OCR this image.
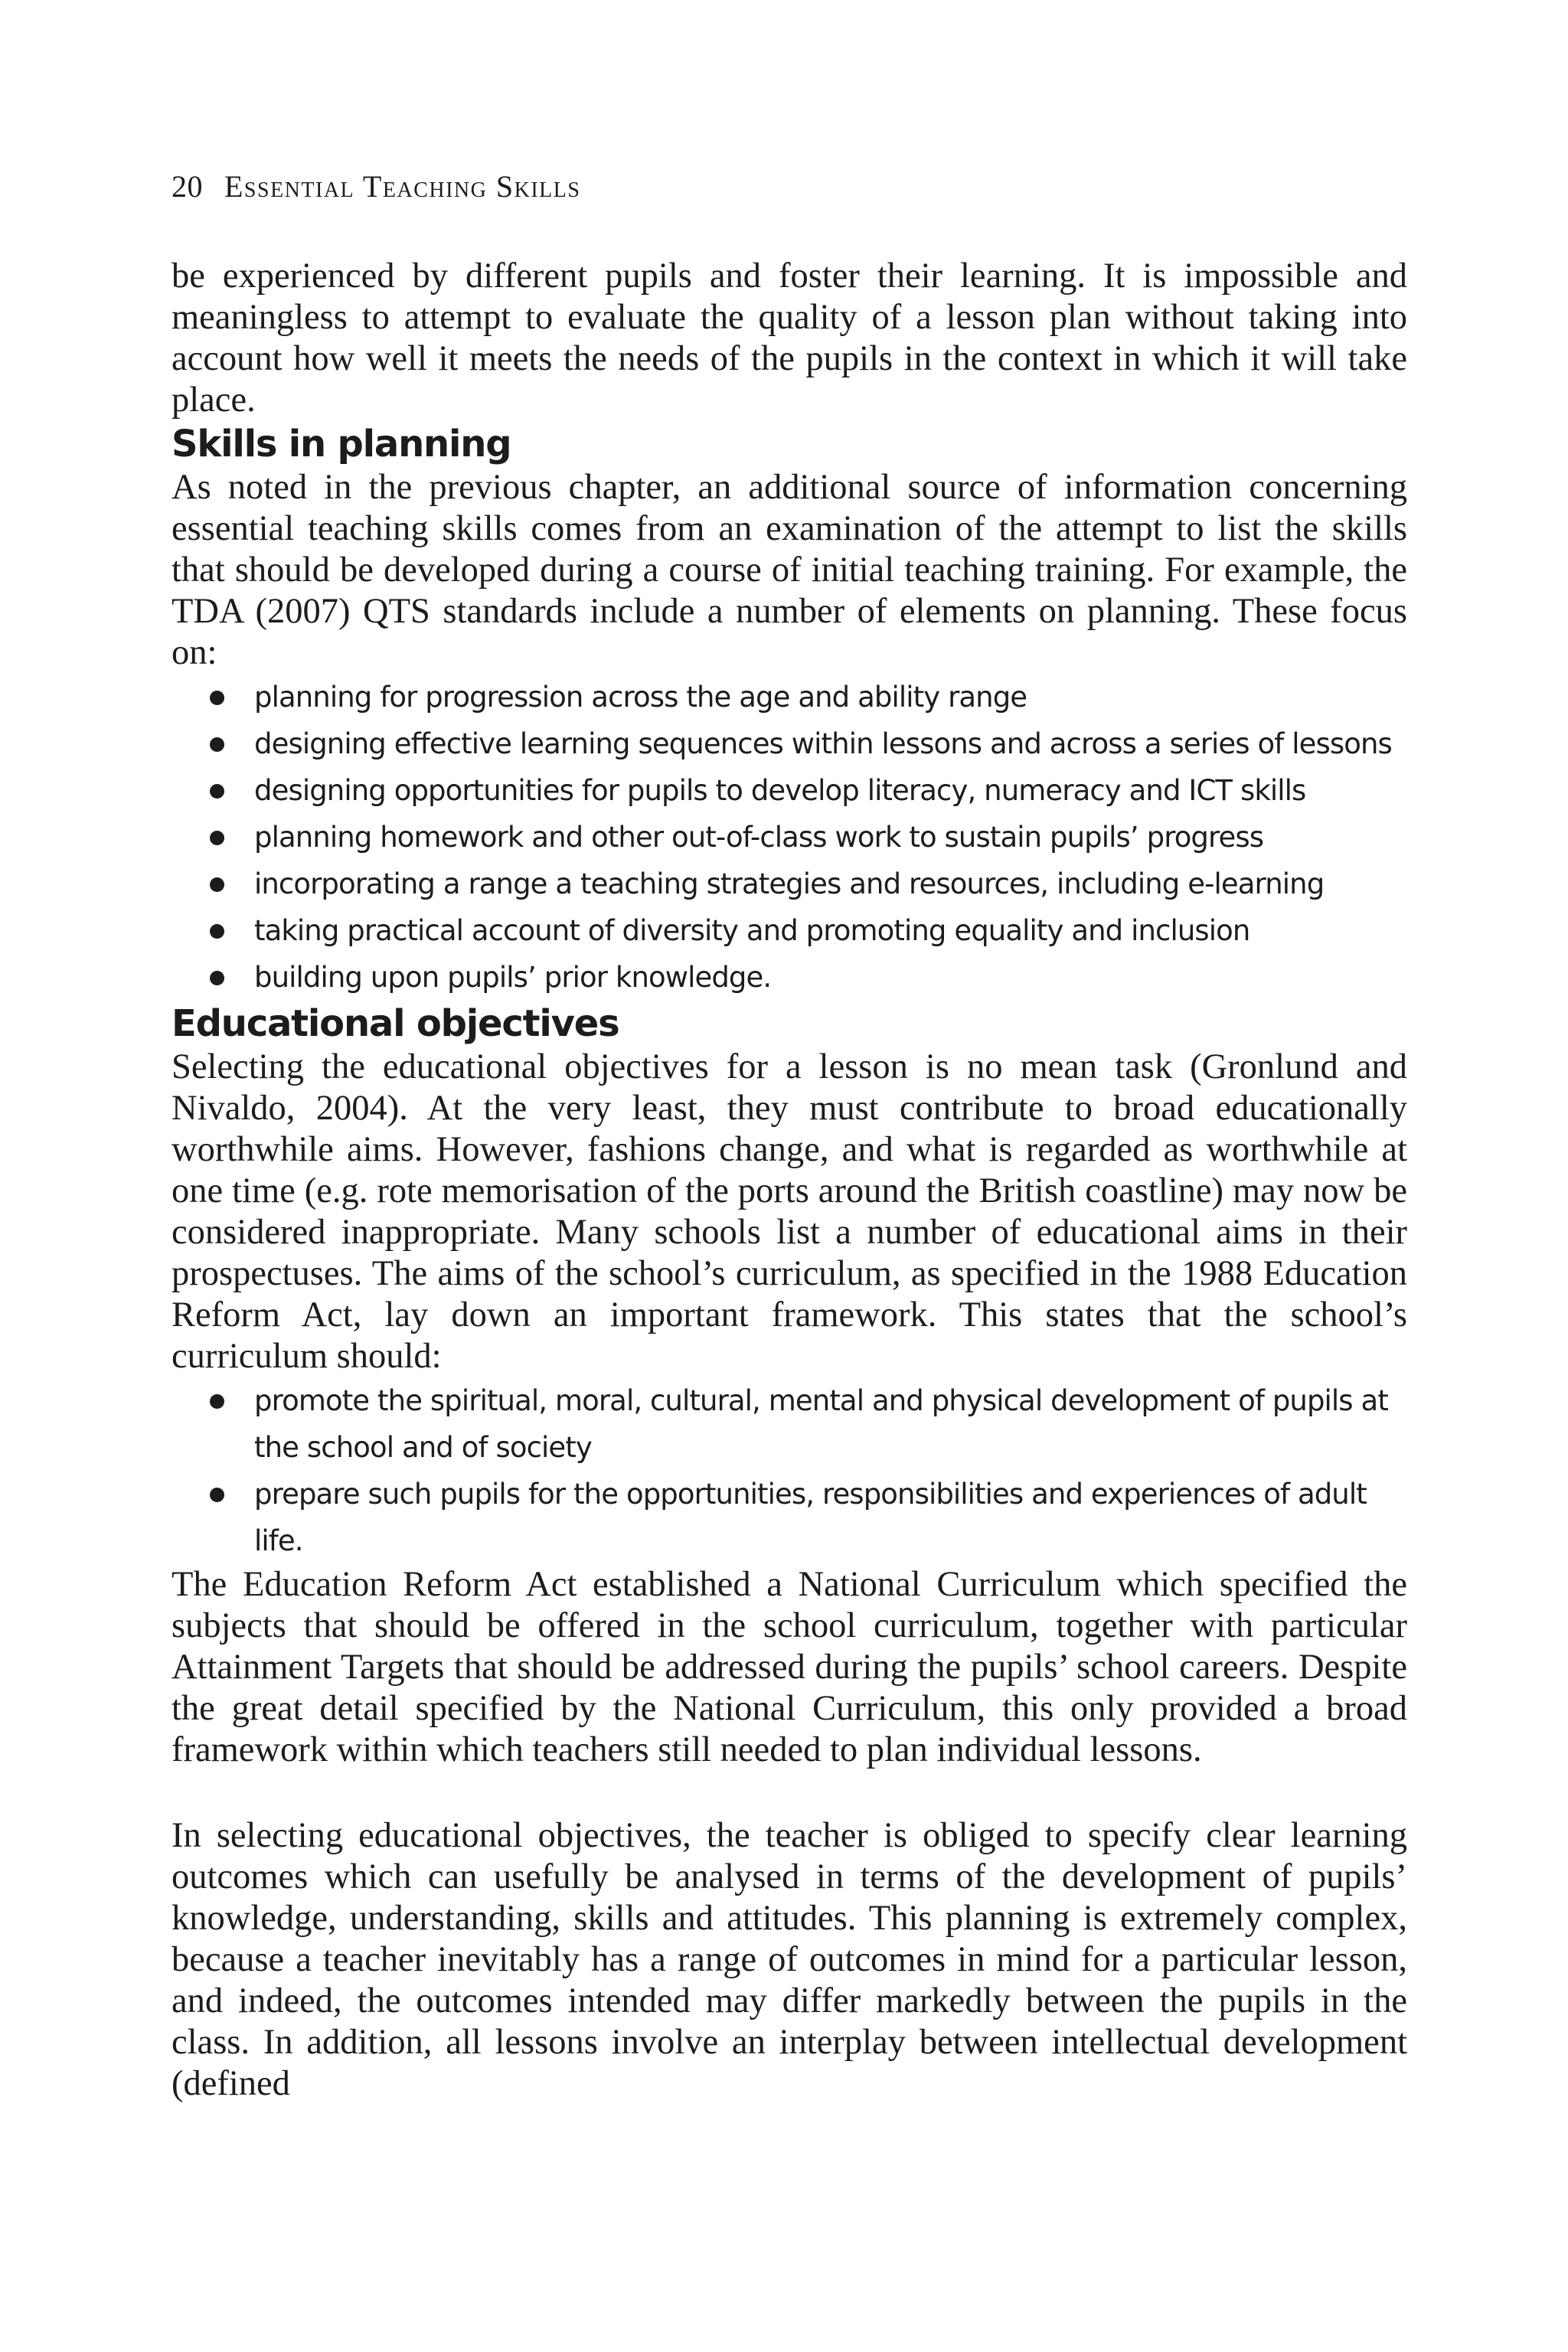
20 Essential Teaching Skills

be experienced by different pupils and foster their learning. It is impossible and meaningless to attempt to evaluate the quality of a lesson plan without taking into account how well it meets the needs of the pupils in the context in which it will take place.

Skills in planning

As noted in the previous chapter, an additional source of information concerning essential teaching skills comes from an examination of the attempt to list the skills that should be developed during a course of initial teaching training. For example, the TDA (2007) QTS standards include a number of elements on planning. These focus on:

planning for progression across the age and ability range
designing effective learning sequences within lessons and across a series of lessons
designing opportunities for pupils to develop literacy, numeracy and ICT skills
planning homework and other out-of-class work to sustain pupils’ progress
incorporating a range a teaching strategies and resources, including e-learning
taking practical account of diversity and promoting equality and inclusion
building upon pupils’ prior knowledge.
Educational objectives

Selecting the educational objectives for a lesson is no mean task (Gronlund and Nivaldo, 2004). At the very least, they must contribute to broad educationally worthwhile aims. However, fashions change, and what is regarded as worthwhile at one time (e.g. rote memorisation of the ports around the British coastline) may now be considered inappropriate. Many schools list a number of educational aims in their prospectuses. The aims of the school’s curriculum, as specified in the 1988 Education Reform Act, lay down an important framework. This states that the school’s curriculum should:

promote the spiritual, moral, cultural, mental and physical development of pupils at the school and of society
prepare such pupils for the opportunities, responsibilities and experiences of adult life.

The Education Reform Act established a National Curriculum which specified the subjects that should be offered in the school curriculum, together with particular Attainment Targets that should be addressed during the pupils’ school careers. Despite the great detail specified by the National Curriculum, this only provided a broad framework within which teachers still needed to plan individual lessons.

In selecting educational objectives, the teacher is obliged to specify clear learning outcomes which can usefully be analysed in terms of the development of pupils’ knowledge, understanding, skills and attitudes. This planning is extremely complex, because a teacher inevitably has a range of outcomes in mind for a particular lesson, and indeed, the outcomes intended may differ markedly between the pupils in the class. In addition, all lessons involve an interplay between intellectual development (defined
